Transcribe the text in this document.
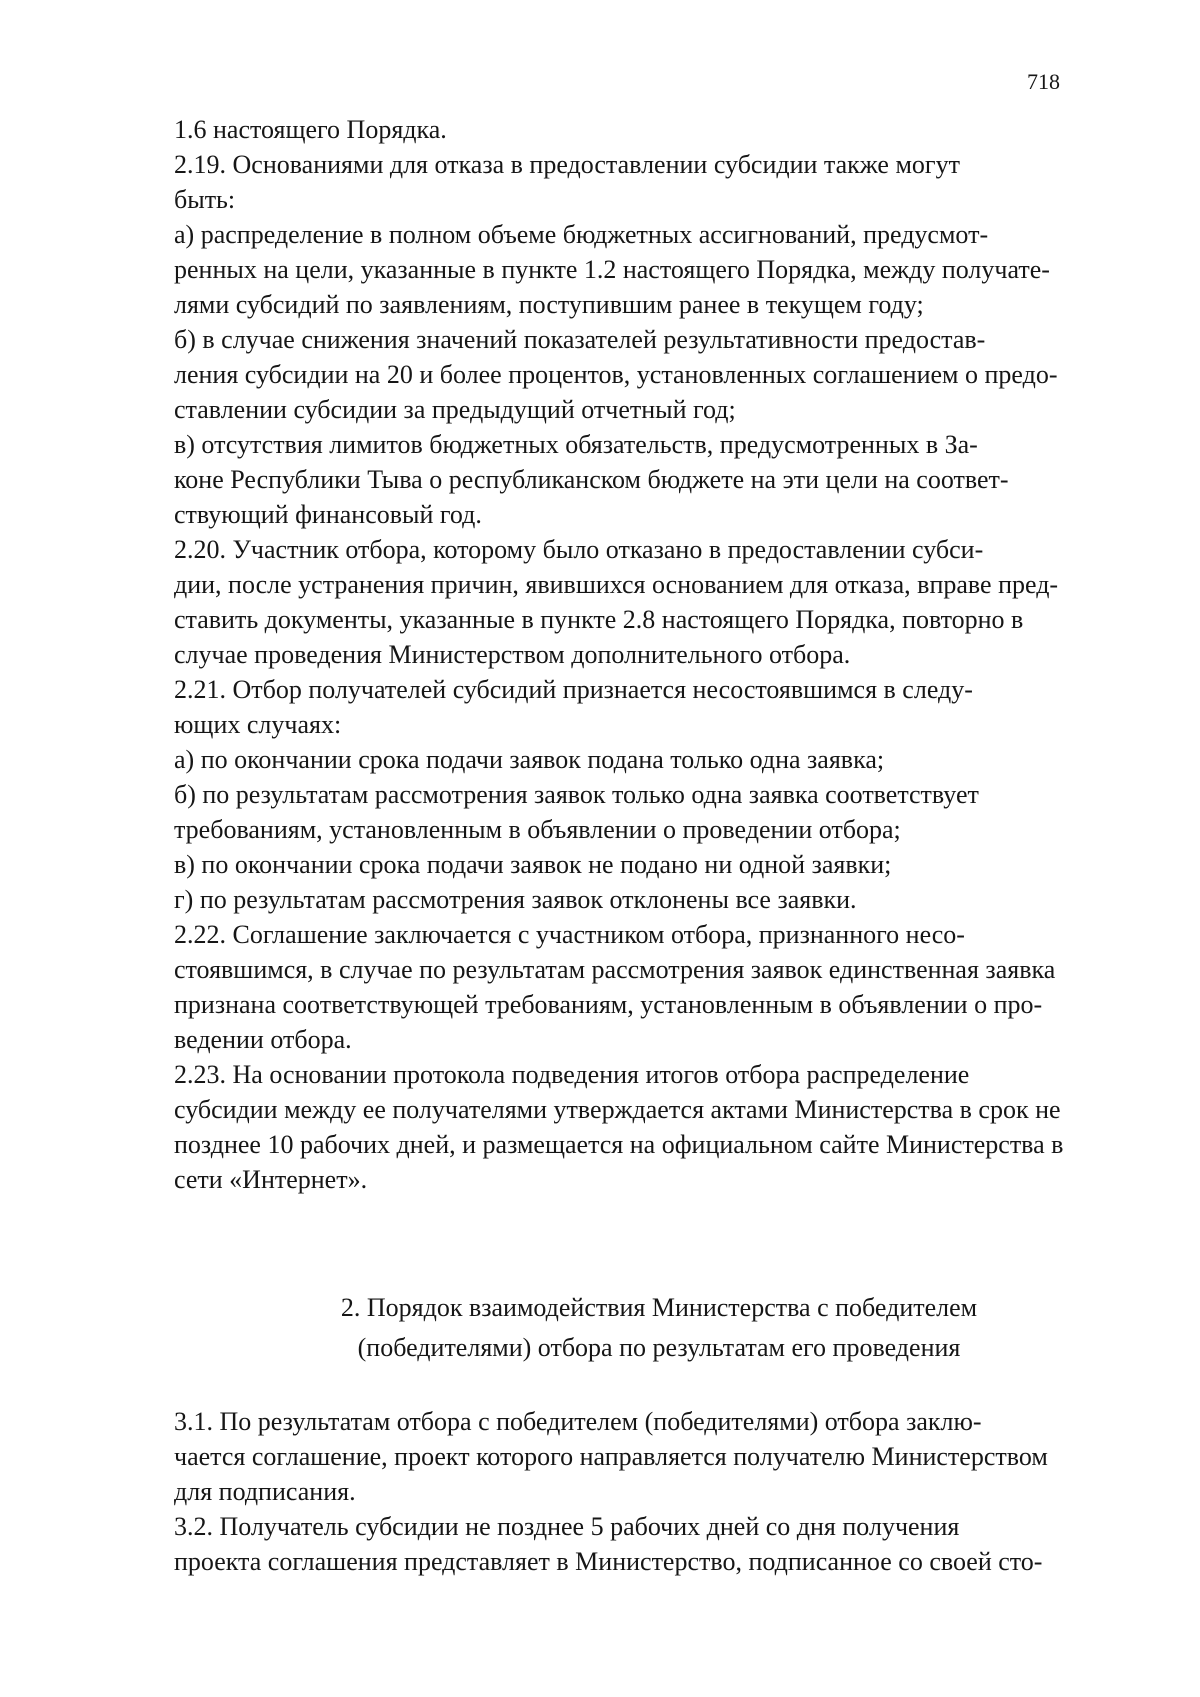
718

1.6 настоящего Порядка.

2.19. Основаниями для отказа в предоставлении субсидии также могут
быть:

а) распределение в полном объеме бюджетных ассигнований, предусмот-
ренных на цели, указанные в пункте 1.2 настоящего Порядка, между получате-
лями субсидий по заявлениям, поступившим ранее в текущем году;

б) в случае снижения значений показателей результативности предостав-
ления субсидии на 20 и более процентов, установленных соглашением о предо-
ставлении субсидии за предыдущий отчетный год;

в) отсутствия лимитов бюджетных обязательств, предусмотренных в За-
коне Республики Тыва о республиканском бюджете на эти цели на соответ-
ствующий финансовый год.

2.20. Участник отбора, которому было отказано в предоставлении субси-
дии, после устранения причин, явившихся основанием для отказа, вправе пред-
ставить документы, указанные в пункте 2.8 настоящего Порядка, повторно в
случае проведения Министерством дополнительного отбора.

2.21. Отбор получателей субсидий признается несостоявшимся в следу-
ющих случаях:

а) по окончании срока подачи заявок подана только одна заявка;

б) по результатам рассмотрения заявок только одна заявка соответствует
требованиям, установленным в объявлении о проведении отбора;

в) по окончании срока подачи заявок не подано ни одной заявки;

г) по результатам рассмотрения заявок отклонены все заявки.

2.22. Соглашение заключается с участником отбора, признанного несо-
стоявшимся, в случае по результатам рассмотрения заявок единственная заявка
признана соответствующей требованиям, установленным в объявлении о про-
ведении отбора.

2.23. На основании протокола подведения итогов отбора распределение
субсидии между ее получателями утверждается актами Министерства в срок не
позднее 10 рабочих дней, и размещается на официальном сайте Министерства в
сети «Интернет».

2. Порядок взаимодействия Министерства с победителем
(победителями) отбора по результатам его проведения

3.1. По результатам отбора с победителем (победителями) отбора заклю-
чается соглашение, проект которого направляется получателю Министерством
для подписания.

3.2. Получатель субсидии не позднее 5 рабочих дней со дня получения
проекта соглашения представляет в Министерство, подписанное со своей сто-
